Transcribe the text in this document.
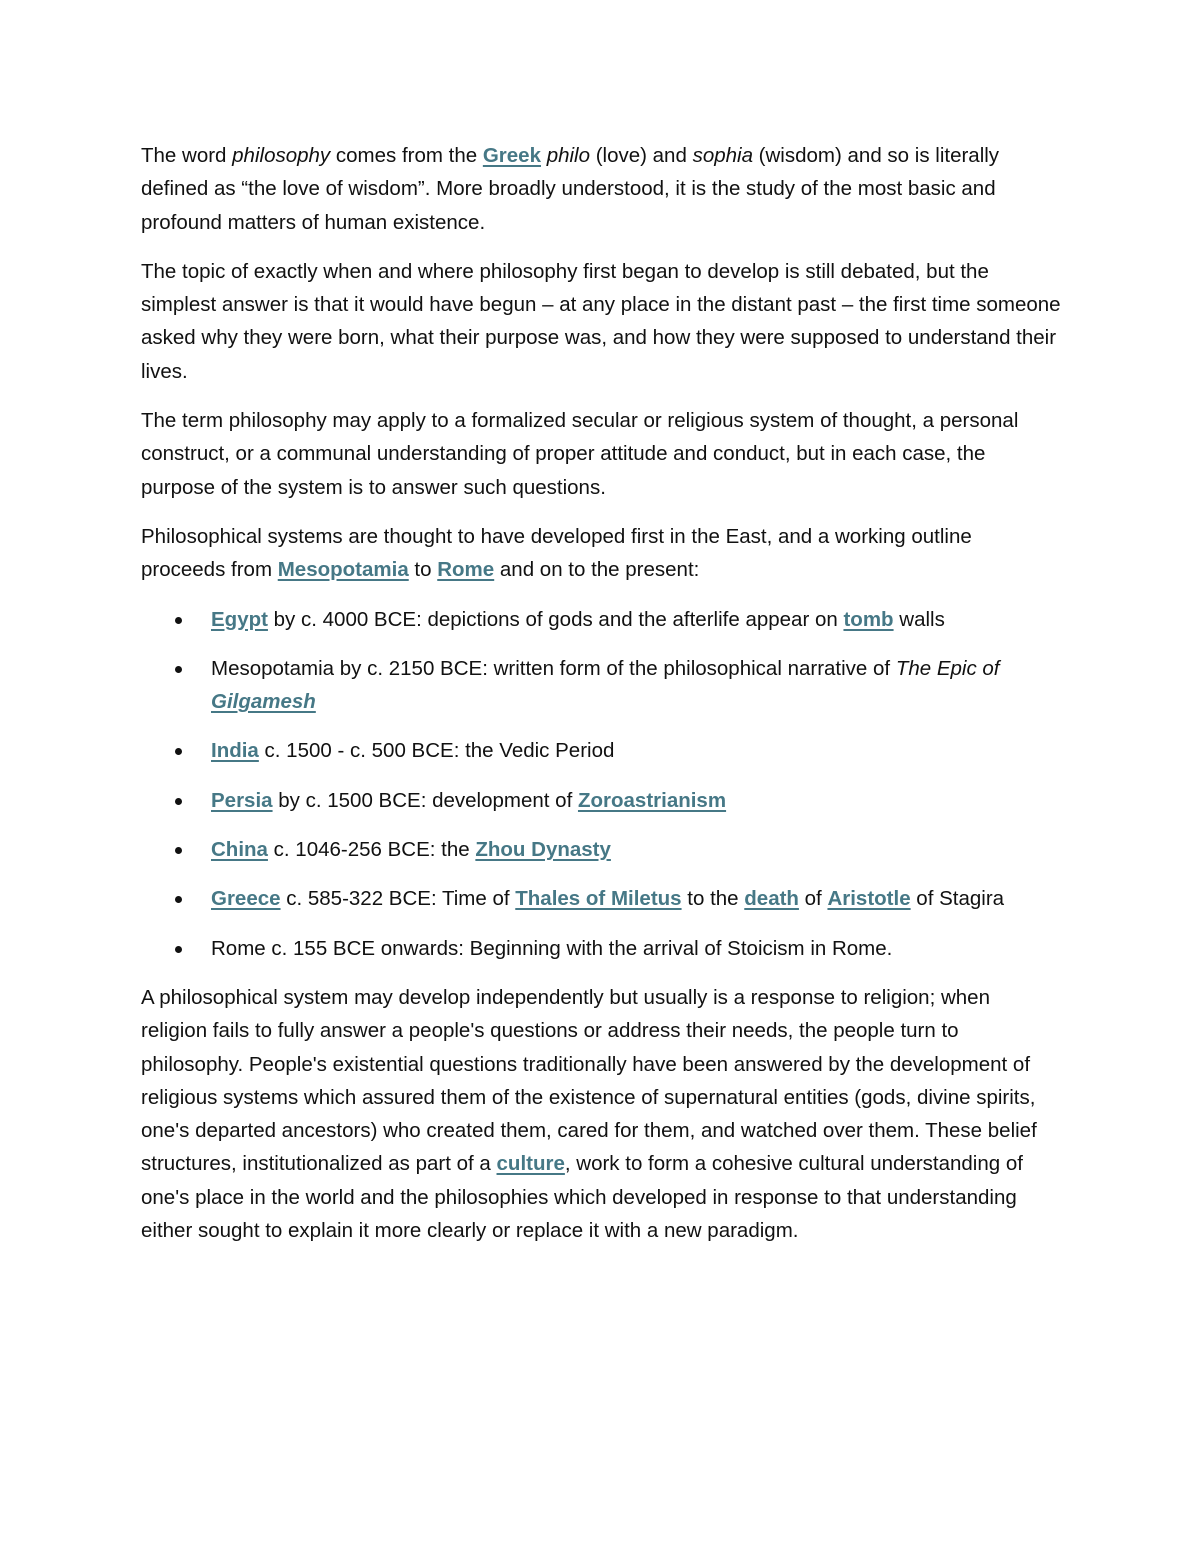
The word philosophy comes from the Greek philo (love) and sophia (wisdom) and so is literally defined as “the love of wisdom”. More broadly understood, it is the study of the most basic and profound matters of human existence.

The topic of exactly when and where philosophy first began to develop is still debated, but the simplest answer is that it would have begun – at any place in the distant past – the first time someone asked why they were born, what their purpose was, and how they were supposed to understand their lives.

The term philosophy may apply to a formalized secular or religious system of thought, a personal construct, or a communal understanding of proper attitude and conduct, but in each case, the purpose of the system is to answer such questions.

Philosophical systems are thought to have developed first in the East, and a working outline proceeds from Mesopotamia to Rome and on to the present:

Egypt by c. 4000 BCE: depictions of gods and the afterlife appear on tomb walls
Mesopotamia by c. 2150 BCE: written form of the philosophical narrative of The Epic of Gilgamesh
India c. 1500 - c. 500 BCE: the Vedic Period
Persia by c. 1500 BCE: development of Zoroastrianism
China c. 1046-256 BCE: the Zhou Dynasty
Greece c. 585-322 BCE: Time of Thales of Miletus to the death of Aristotle of Stagira
Rome c. 155 BCE onwards: Beginning with the arrival of Stoicism in Rome.

A philosophical system may develop independently but usually is a response to religion; when religion fails to fully answer a people's questions or address their needs, the people turn to philosophy. People's existential questions traditionally have been answered by the development of religious systems which assured them of the existence of supernatural entities (gods, divine spirits, one's departed ancestors) who created them, cared for them, and watched over them. These belief structures, institutionalized as part of a culture, work to form a cohesive cultural understanding of one's place in the world and the philosophies which developed in response to that understanding either sought to explain it more clearly or replace it with a new paradigm.
